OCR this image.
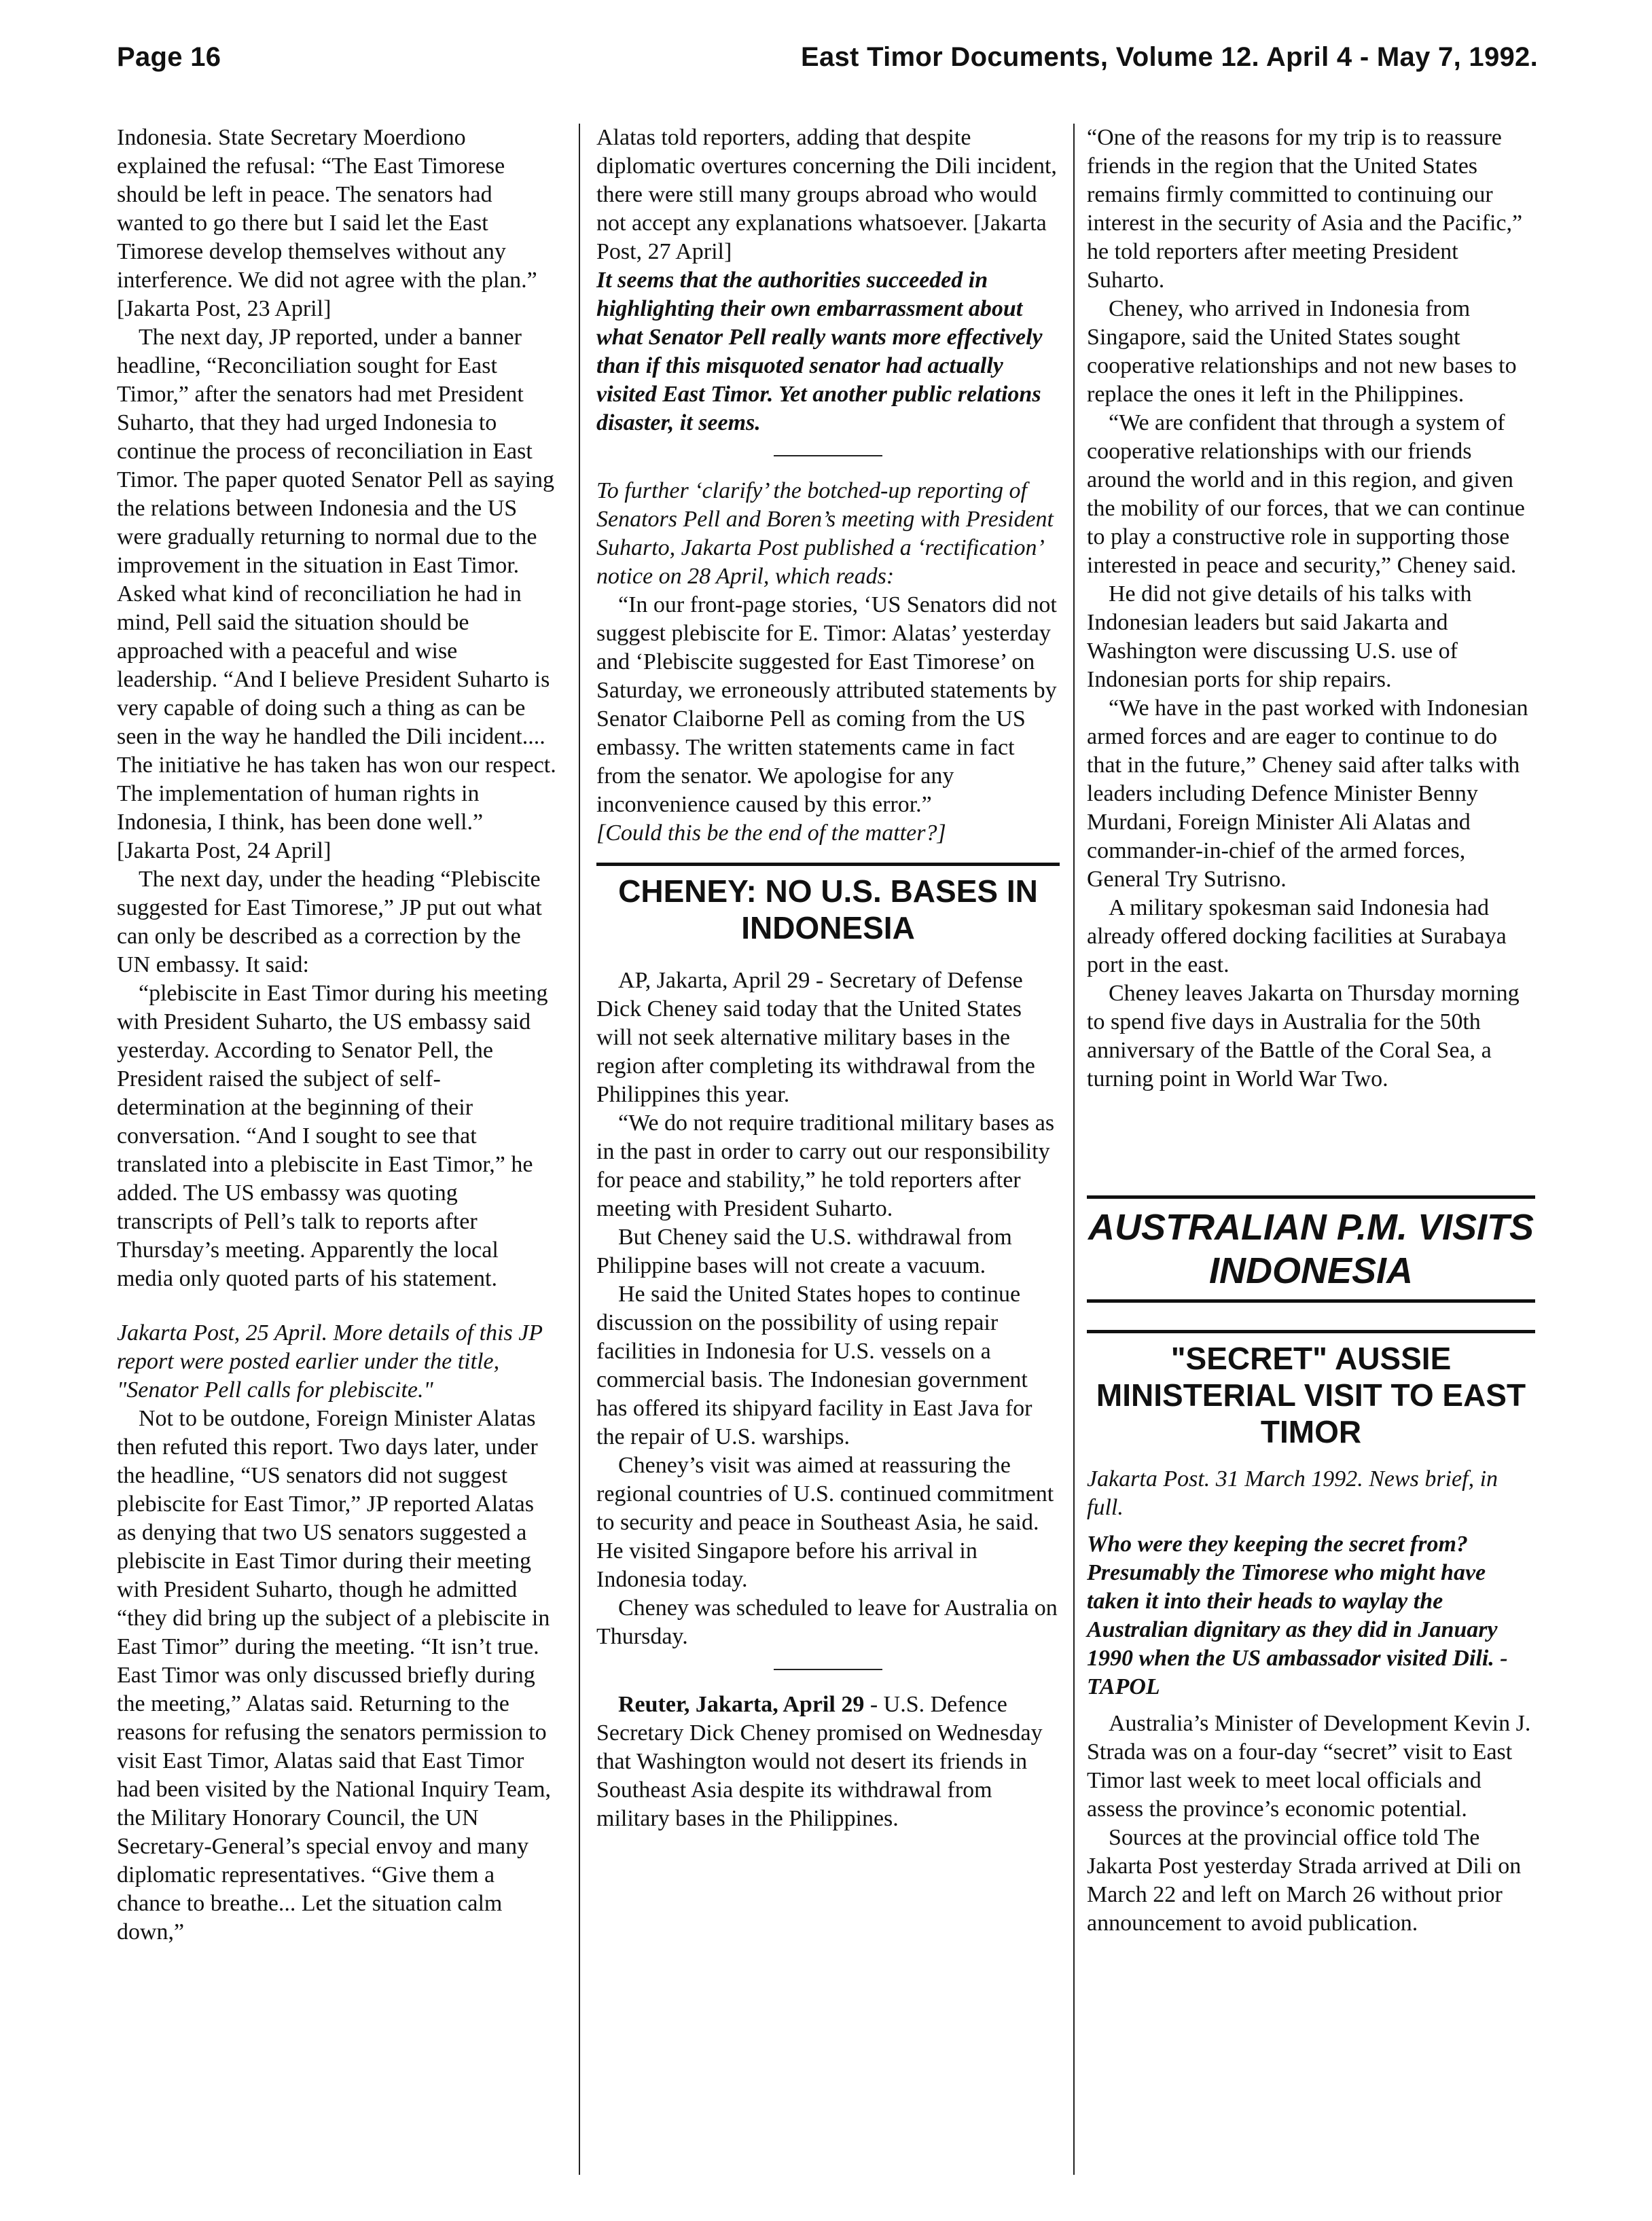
Page 16	East Timor Documents, Volume 12. April 4 - May 7, 1992.

Indonesia. State Secretary Moerdiono explained the refusal: “The East Timorese should be left in peace. The senators had wanted to go there but I said let the East Timorese develop themselves without any interference. We did not agree with the plan.” [Jakarta Post, 23 April]

The next day, JP reported, under a banner headline, “Reconciliation sought for East Timor,” after the senators had met President Suharto, that they had urged Indonesia to continue the process of reconciliation in East Timor. The paper quoted Senator Pell as saying the relations between Indonesia and the US were gradually returning to normal due to the improvement in the situation in East Timor. Asked what kind of reconciliation he had in mind, Pell said the situation should be approached with a peaceful and wise leadership. “And I believe President Suharto is very capable of doing such a thing as can be seen in the way he handled the Dili incident.... The initiative he has taken has won our respect. The implementation of human rights in Indonesia, I think, has been done well.” [Jakarta Post, 24 April]

The next day, under the heading “Plebiscite suggested for East Timorese,” JP put out what can only be described as a correction by the UN embassy. It said:

“plebiscite in East Timor during his meeting with President Suharto, the US embassy said yesterday. According to Senator Pell, the President raised the subject of self-determination at the beginning of their conversation. “And I sought to see that translated into a plebiscite in East Timor,” he added. The US embassy was quoting transcripts of Pell’s talk to reports after Thursday’s meeting. Apparently the local media only quoted parts of his statement.

Jakarta Post, 25 April. More details of this JP report were posted earlier under the title, "Senator Pell calls for plebiscite."

Not to be outdone, Foreign Minister Alatas then refuted this report. Two days later, under the headline, “US senators did not suggest plebiscite for East Timor,” JP reported Alatas as denying that two US senators suggested a plebiscite in East Timor during their meeting with President Suharto, though he admitted “they did bring up the subject of a plebiscite in East Timor” during the meeting. “It isn’t true. East Timor was only discussed briefly during the meeting,” Alatas said. Returning to the reasons for refusing the senators permission to visit East Timor, Alatas said that East Timor had been visited by the National Inquiry Team, the Military Honorary Council, the UN Secretary-General’s special envoy and many diplomatic representatives. “Give them a chance to breathe... Let the situation calm down,”

Alatas told reporters, adding that despite diplomatic overtures concerning the Dili incident, there were still many groups abroad who would not accept any explanations whatsoever. [Jakarta Post, 27 April]

It seems that the authorities succeeded in highlighting their own embarrassment about what Senator Pell really wants more effectively than if this misquoted senator had actually visited East Timor. Yet another public relations disaster, it seems.

To further ‘clarify’ the botched-up reporting of Senators Pell and Boren’s meeting with President Suharto, Jakarta Post published a ‘rectification’ notice on 28 April, which reads:

“In our front-page stories, ‘US Senators did not suggest plebiscite for E. Timor: Alatas’ yesterday and ‘Plebiscite suggested for East Timorese’ on Saturday, we erroneously attributed statements by Senator Claiborne Pell as coming from the US embassy. The written statements came in fact from the senator. We apologise for any inconvenience caused by this error.”

[Could this be the end of the matter?]

CHENEY: NO U.S. BASES IN INDONESIA

AP, Jakarta, April 29 - Secretary of Defense Dick Cheney said today that the United States will not seek alternative military bases in the region after completing its withdrawal from the Philippines this year.

“We do not require traditional military bases as in the past in order to carry out our responsibility for peace and stability,” he told reporters after meeting with President Suharto.

But Cheney said the U.S. withdrawal from Philippine bases will not create a vacuum.

He said the United States hopes to continue discussion on the possibility of using repair facilities in Indonesia for U.S. vessels on a commercial basis. The Indonesian government has offered its shipyard facility in East Java for the repair of U.S. warships.

Cheney’s visit was aimed at reassuring the regional countries of U.S. continued commitment to security and peace in Southeast Asia, he said. He visited Singapore before his arrival in Indonesia today.

Cheney was scheduled to leave for Australia on Thursday.

Reuter, Jakarta, April 29 - U.S. Defence Secretary Dick Cheney promised on Wednesday that Washington would not desert its friends in Southeast Asia despite its withdrawal from military bases in the Philippines.

“One of the reasons for my trip is to reassure friends in the region that the United States remains firmly committed to continuing our interest in the security of Asia and the Pacific,” he told reporters after meeting President Suharto.

Cheney, who arrived in Indonesia from Singapore, said the United States sought cooperative relationships and not new bases to replace the ones it left in the Philippines.

“We are confident that through a system of cooperative relationships with our friends around the world and in this region, and given the mobility of our forces, that we can continue to play a constructive role in supporting those interested in peace and security,” Cheney said.

He did not give details of his talks with Indonesian leaders but said Jakarta and Washington were discussing U.S. use of Indonesian ports for ship repairs.

“We have in the past worked with Indonesian armed forces and are eager to continue to do that in the future,” Cheney said after talks with leaders including Defence Minister Benny Murdani, Foreign Minister Ali Alatas and commander-in-chief of the armed forces, General Try Sutrisno.

A military spokesman said Indonesia had already offered docking facilities at Surabaya port in the east.

Cheney leaves Jakarta on Thursday morning to spend five days in Australia for the 50th anniversary of the Battle of the Coral Sea, a turning point in World War Two.

AUSTRALIAN P.M. VISITS INDONESIA
"SECRET" AUSSIE MINISTERIAL VISIT TO EAST TIMOR

Jakarta Post. 31 March 1992. News brief, in full.

Who were they keeping the secret from? Presumably the Timorese who might have taken it into their heads to waylay the Australian dignitary as they did in January 1990 when the US ambassador visited Dili. - TAPOL

Australia’s Minister of Development Kevin J. Strada was on a four-day “secret” visit to East Timor last week to meet local officials and assess the province’s economic potential.

Sources at the provincial office told The Jakarta Post yesterday Strada arrived at Dili on March 22 and left on March 26 without prior announcement to avoid publication.
